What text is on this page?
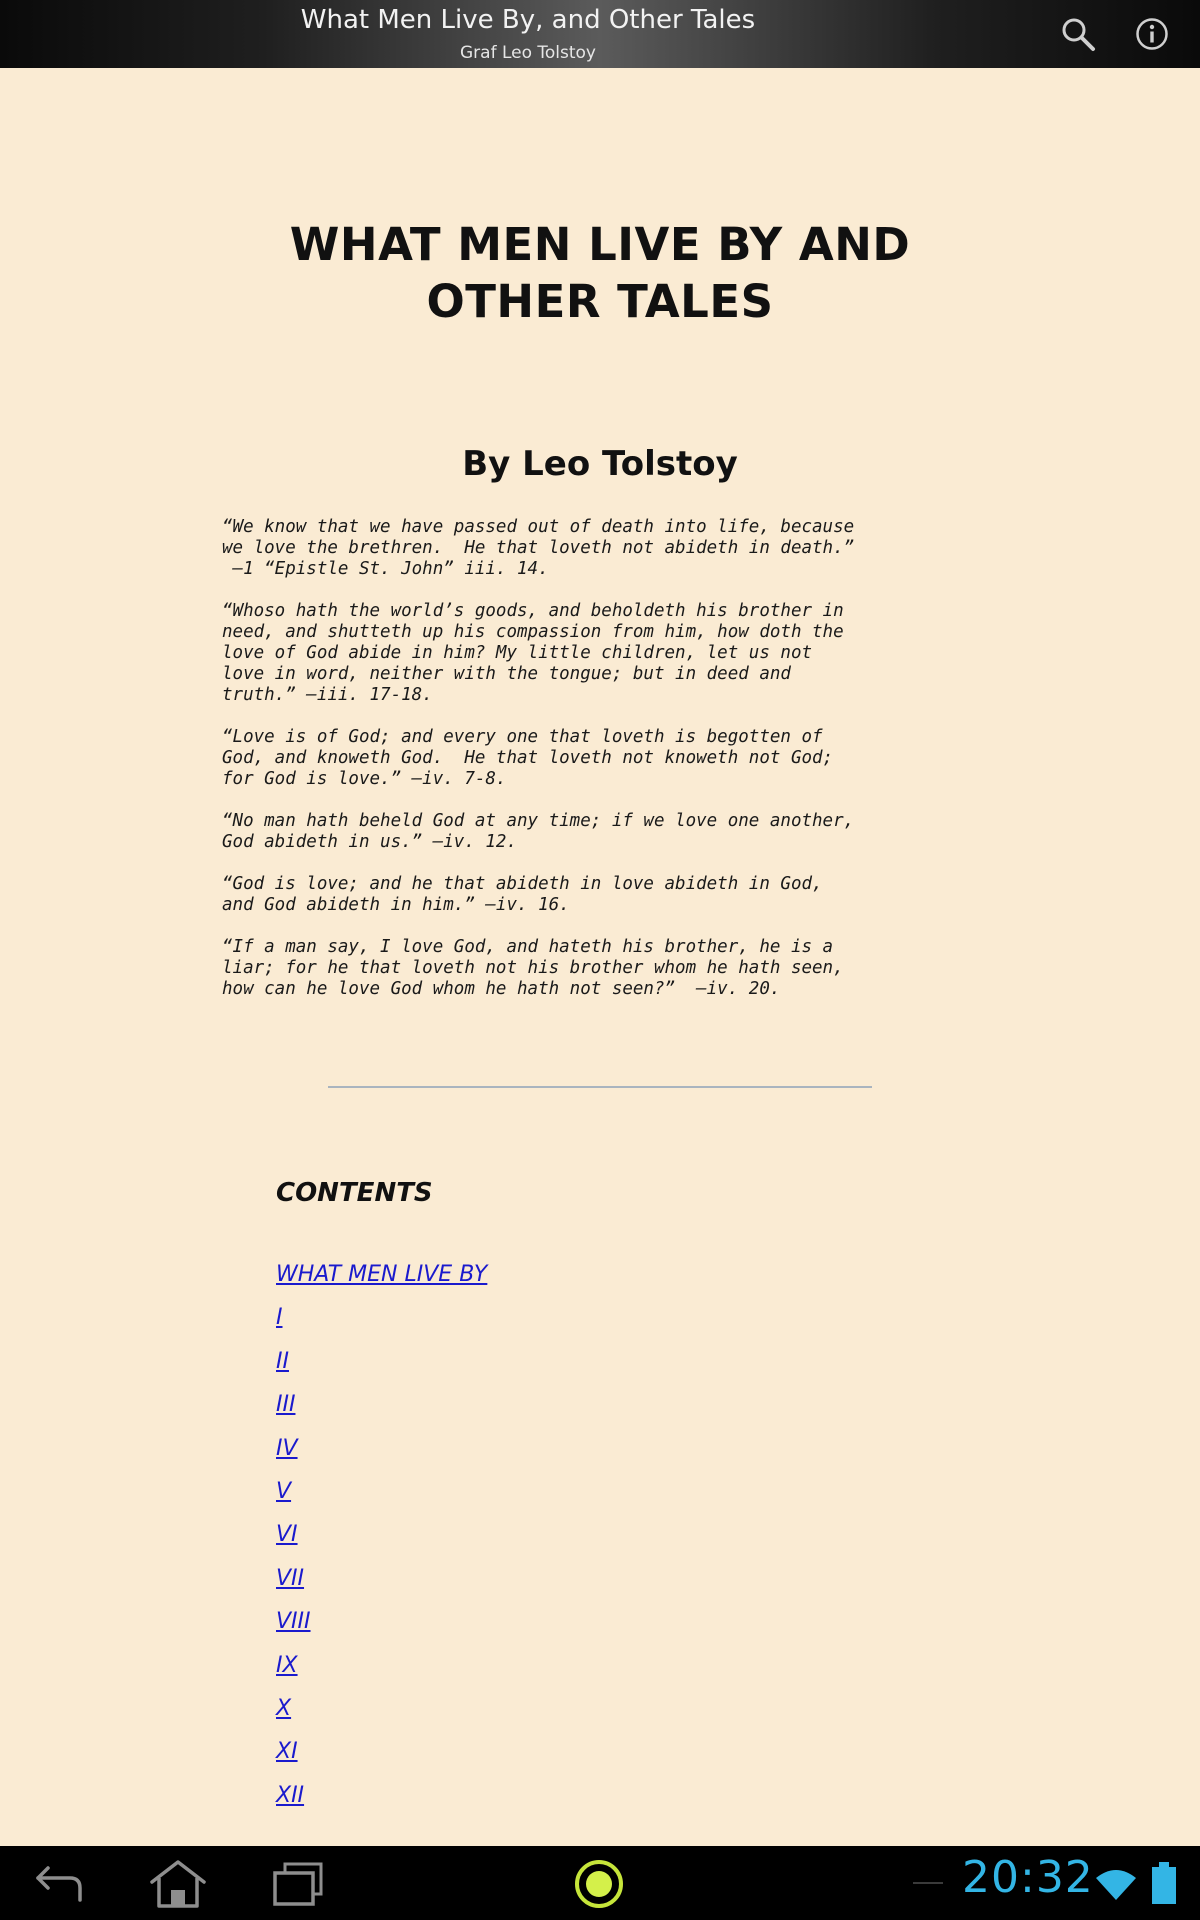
What Men Live By, and Other Tales
Graf Leo Tolstoy
WHAT MEN LIVE BY AND OTHER TALES
By Leo Tolstoy

“We know that we have passed out of death into life, because
we love the brethren.  He that loveth not abideth in death.”
—1 “Epistle St. John” iii. 14.

“Whoso hath the world’s goods, and beholdeth his brother in
need, and shutteth up his compassion from him, how doth the
love of God abide in him? My little children, let us not
love in word, neither with the tongue; but in deed and
truth.” —iii. 17-18.

“Love is of God; and every one that loveth is begotten of
God, and knoweth God.  He that loveth not knoweth not God;
for God is love.” —iv. 7-8.

“No man hath beheld God at any time; if we love one another,
God abideth in us.” —iv. 12.

“God is love; and he that abideth in love abideth in God,
and God abideth in him.” —iv. 16.

“If a man say, I love God, and hateth his brother, he is a
liar; for he that loveth not his brother whom he hath seen,
how can he love God whom he hath not seen?”  —iv. 20.

CONTENTS
WHAT MEN LIVE BY
I
II
III
IV
V
VI
VII
VIII
IX
X
XI
XII
20:32
